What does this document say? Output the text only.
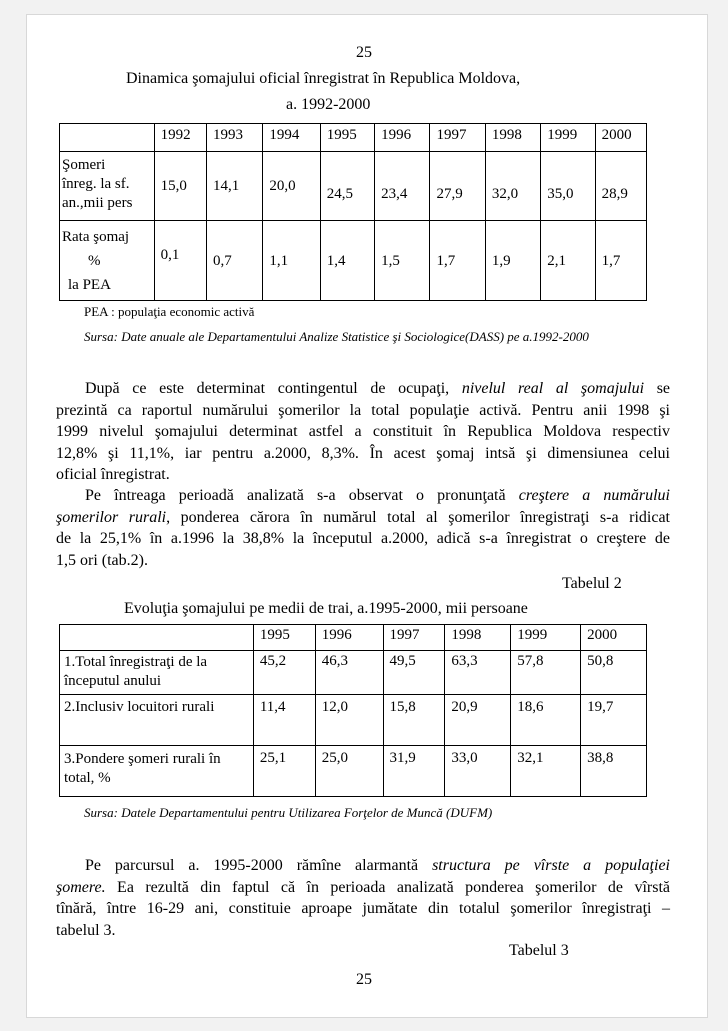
25
Dinamica şomajului oficial înregistrat în Republica Moldova,
a. 1992-2000
	1992	1993	1994	1995	1996	1997	1998	1999	2000

Şomeri
înreg. la sf.
an.,mii pers	15,0	14,1	20,0	24,5	23,4	27,9	32,0	35,0	28,9

Rata şomaj
%
la PEA	0,1	0,7	1,1	1,4	1,5	1,7	1,9	2,1	1,7
PEA : populaţia economic activă
Sursa: Date anuale ale Departamentului Analize Statistice şi Sociologice(DASS) pe a.1992-2000

După ce este determinat contingentul de ocupaţi, nivelul real al şomajului se

prezintă ca raportul numărului şomerilor la total populaţie activă. Pentru anii 1998 şi

1999 nivelul şomajului determinat astfel a constituit în Republica Moldova respectiv

12,8% şi 11,1%, iar pentru a.2000, 8,3%. În acest şomaj intsă şi dimensiunea celui

oficial înregistrat.

Pe întreaga perioadă analizată s-a observat o pronunţată creştere a numărului

şomerilor rurali, ponderea cărora în numărul total al şomerilor înregistraţi s-a ridicat

de la 25,1% în a.1996 la 38,8% la începutul a.2000, adică s-a înregistrat o creştere de

1,5 ori (tab.2).

Tabelul 2
Evoluţia şomajului pe medii de trai, a.1995-2000, mii persoane
	1995	1996	1997	1998	1999	2000

1.Total înregistraţi de la
începutul anului	45,2	46,3	49,5	63,3	57,8	50,8

2.Inclusiv locuitori rurali	11,4	12,0	15,8	20,9	18,6	19,7

3.Pondere şomeri rurali în
total, %	25,1	25,0	31,9	33,0	32,1	38,8
Sursa: Datele Departamentului pentru Utilizarea Forţelor de Muncă (DUFM)

Pe parcursul a. 1995-2000 rămîne alarmantă structura pe vîrste a populaţiei

şomere. Ea rezultă din faptul că în perioada analizată ponderea şomerilor de vîrstă

tînără, între 16-29 ani, constituie aproape jumătate din totalul şomerilor înregistraţi –

tabelul 3.

Tabelul 3
25
